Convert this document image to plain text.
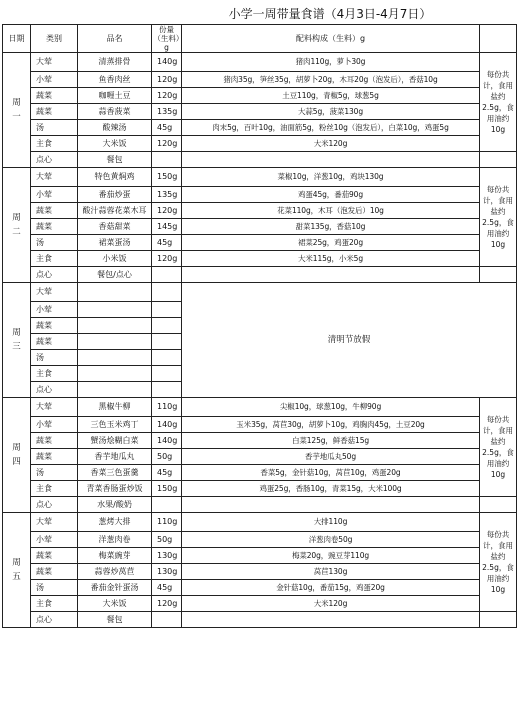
小学一周带量食谱（4月3日-4月7日）
日期	类别	品名	份量（生料）g	配料构成（生料）g	

周
一	大荤	清蒸排骨	140g	猪肉110g，萝卜30g	每份共计，食用盐约2.5g，食用油约10g
	小荤	鱼香肉丝	120g	猪肉35g，笋丝35g，胡萝卜20g，木耳20g（泡发后），香菇10g	
	蔬菜	咖喱土豆	120g	土豆110g，青椒5g，球葱5g	
	蔬菜	蒜香菠菜	135g	大蒜5g，菠菜130g	
	汤	酸辣汤	45g	肉末5g，百叶10g，油面筋5g，粉丝10g（泡发后），白菜10g，鸡蛋5g	
	主食	大米饭	120g	大米120g	
	点心	餐包			

周
二	大荤	特色黄焖鸡	150g	菜椒10g，洋葱10g，鸡块130g	每份共计，食用盐约2.5g，食用油约10g
	小荤	番茄炒蛋	135g	鸡蛋45g，番茄90g	
	蔬菜	酸汁蒜蓉花菜木耳	120g	花菜110g，木耳（泡发后）10g	
	蔬菜	香菇甜菜	145g	甜菜135g，香菇10g	
	汤	裙菜蛋汤	45g	裙菜25g，鸡蛋20g	
	主食	小米饭	120g	大米115g，小米5g	
	点心	餐包/点心			

周
三	大荤			清明节放假	
	小荤				
	蔬菜				
	蔬菜				
	汤				
	主食				
	点心				

周
四	大荤	黑椒牛柳	110g	尖椒10g，球葱10g，牛柳90g	每份共计，食用盐约2.5g，食用油约10g
	小荤	三色玉米鸡丁	140g	玉米35g，莴苣30g，胡萝卜10g，鸡胸肉45g，土豆20g	
	蔬菜	蟹汤烩糊白菜	140g	白菜125g，鲜香菇15g	
	蔬菜	香芋地瓜丸	50g	香芋地瓜丸50g	
	汤	香菜三色蛋羹	45g	香菜5g，金针菇10g，莴苣10g，鸡蛋20g	
	主食	青菜香肠蛋炒饭	150g	鸡蛋25g，香肠10g，青菜15g，大米100g	
	点心	水果/酸奶			

周
五	大荤	葱烤大排	110g	大排110g	每份共计，食用盐约2.5g，食用油约10g
	小荤	洋葱肉卷	50g	洋葱肉卷50g	
	蔬菜	梅菜豌芽	130g	梅菜20g，豌豆芽110g	
	蔬菜	蒜蓉炒莴苣	130g	莴苣130g	
	汤	番茄金针蛋汤	45g	金针菇10g，番茄15g，鸡蛋20g	
	主食	大米饭	120g	大米120g	
	点心	餐包			
